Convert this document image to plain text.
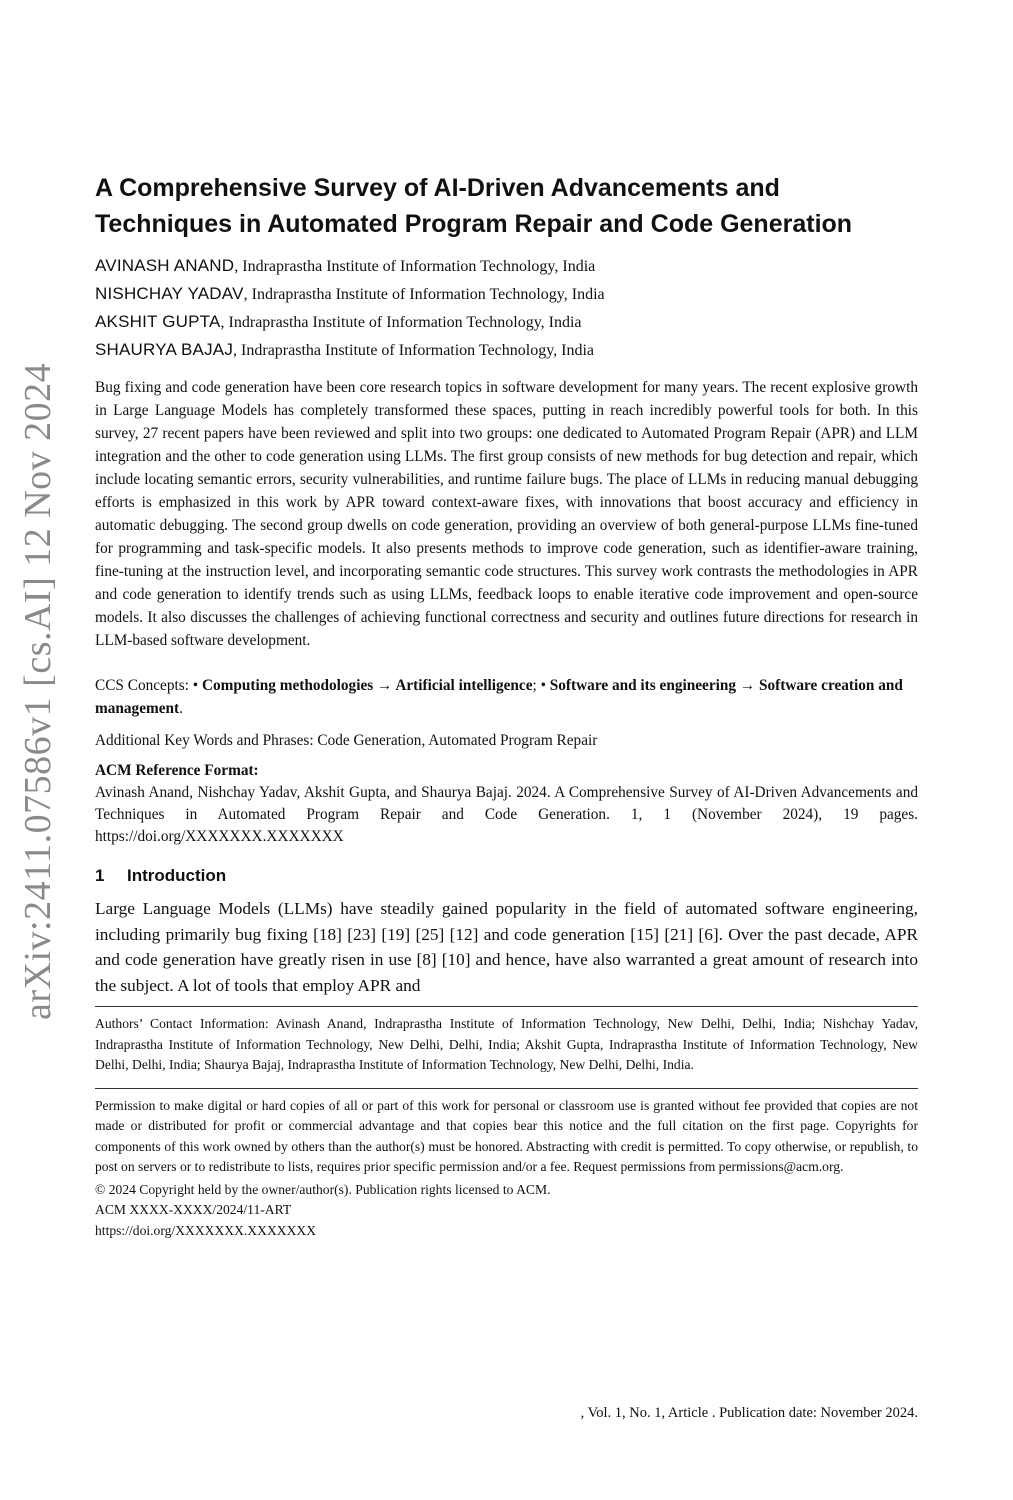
arXiv:2411.07586v1 [cs.AI] 12 Nov 2024
A Comprehensive Survey of AI-Driven Advancements and Techniques in Automated Program Repair and Code Generation
AVINASH ANAND, Indraprastha Institute of Information Technology, India
NISHCHAY YADAV, Indraprastha Institute of Information Technology, India
AKSHIT GUPTA, Indraprastha Institute of Information Technology, India
SHAURYA BAJAJ, Indraprastha Institute of Information Technology, India

Bug fixing and code generation have been core research topics in software development for many years. The recent explosive growth in Large Language Models has completely transformed these spaces, putting in reach incredibly powerful tools for both. In this survey, 27 recent papers have been reviewed and split into two groups: one dedicated to Automated Program Repair (APR) and LLM integration and the other to code generation using LLMs. The first group consists of new methods for bug detection and repair, which include locating semantic errors, security vulnerabilities, and runtime failure bugs. The place of LLMs in reducing manual debugging efforts is emphasized in this work by APR toward context-aware fixes, with innovations that boost accuracy and efficiency in automatic debugging. The second group dwells on code generation, providing an overview of both general-purpose LLMs fine-tuned for programming and task-specific models. It also presents methods to improve code generation, such as identifier-aware training, fine-tuning at the instruction level, and incorporating semantic code structures. This survey work contrasts the methodologies in APR and code generation to identify trends such as using LLMs, feedback loops to enable iterative code improvement and open-source models. It also discusses the challenges of achieving functional correctness and security and outlines future directions for research in LLM-based software development.

CCS Concepts: • Computing methodologies → Artificial intelligence; • Software and its engineering → Software creation and management.
Additional Key Words and Phrases: Code Generation, Automated Program Repair
ACM Reference Format:
Avinash Anand, Nishchay Yadav, Akshit Gupta, and Shaurya Bajaj. 2024. A Comprehensive Survey of AI-Driven Advancements and Techniques in Automated Program Repair and Code Generation. 1, 1 (November 2024), 19 pages. https://doi.org/XXXXXXX.XXXXXXX
1 Introduction

Large Language Models (LLMs) have steadily gained popularity in the field of automated software engineering, including primarily bug fixing [18] [23] [19] [25] [12] and code generation [15] [21] [6]. Over the past decade, APR and code generation have greatly risen in use [8] [10] and hence, have also warranted a great amount of research into the subject. A lot of tools that employ APR and

Authors’ Contact Information: Avinash Anand, Indraprastha Institute of Information Technology, New Delhi, Delhi, India; Nishchay Yadav, Indraprastha Institute of Information Technology, New Delhi, Delhi, India; Akshit Gupta, Indraprastha Institute of Information Technology, New Delhi, Delhi, India; Shaurya Bajaj, Indraprastha Institute of Information Technology, New Delhi, Delhi, India.
Permission to make digital or hard copies of all or part of this work for personal or classroom use is granted without fee provided that copies are not made or distributed for profit or commercial advantage and that copies bear this notice and the full citation on the first page. Copyrights for components of this work owned by others than the author(s) must be honored. Abstracting with credit is permitted. To copy otherwise, or republish, to post on servers or to redistribute to lists, requires prior specific permission and/or a fee. Request permissions from permissions@acm.org.
© 2024 Copyright held by the owner/author(s). Publication rights licensed to ACM.
ACM XXXX-XXXX/2024/11-ART
https://doi.org/XXXXXXX.XXXXXXX
, Vol. 1, No. 1, Article . Publication date: November 2024.
